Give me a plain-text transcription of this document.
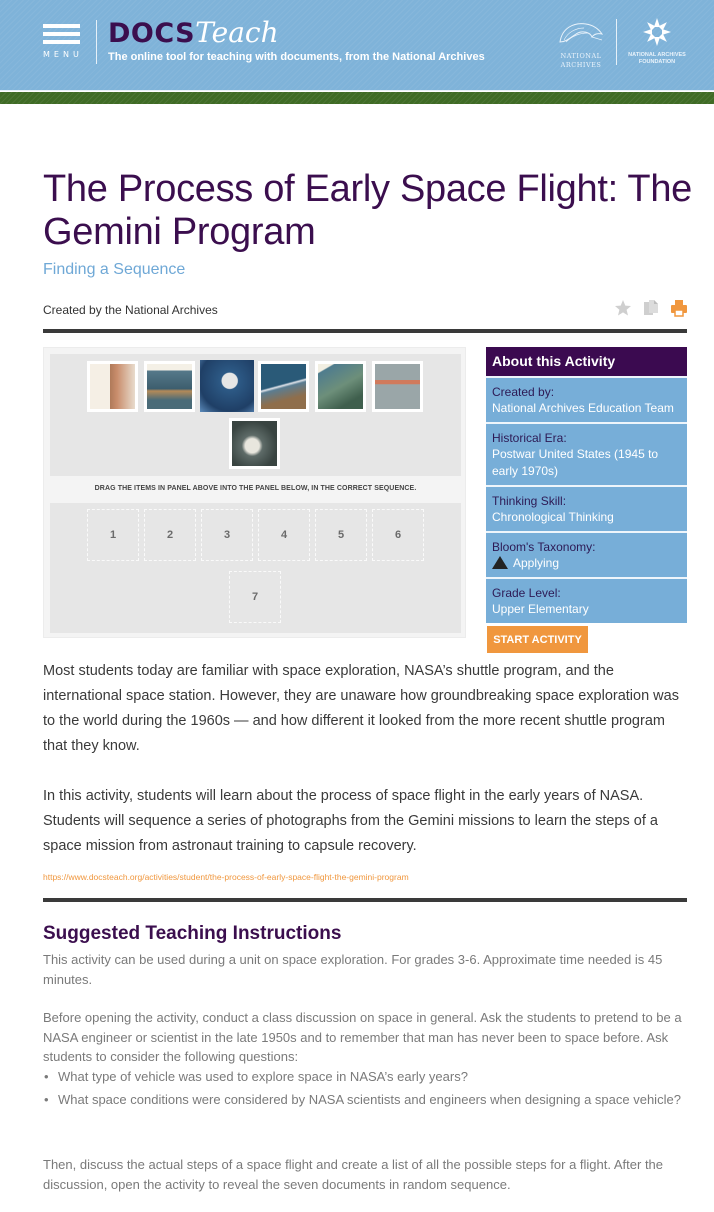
MENU
DOCSTeach
The online tool for teaching with documents, from the National Archives	NATIONAL
ARCHIVES
NATIONAL ARCHIVES
FOUNDATION
The Process of Early Space Flight: The Gemini Program
Finding a Sequence
Created by the National Archives
DRAG THE ITEMS IN PANEL ABOVE INTO THE PANEL BELOW, IN THE CORRECT SEQUENCE.
1	2	3	4	5	6
7
About this Activity
Created by:
National Archives Education Team
Historical Era:
Postwar United States (1945 to early 1970s)
Thinking Skill:
Chronological Thinking
Bloom's Taxonomy:
Applying
Grade Level:
Upper Elementary
START ACTIVITY

Most students today are familiar with space exploration, NASA’s shuttle program, and the international space station. However, they are unaware how groundbreaking space exploration was to the world during the 1960s — and how different it looked from the more recent shuttle program that they know.

In this activity, students will learn about the process of space flight in the early years of NASA. Students will sequence a series of photographs from the Gemini missions to learn the steps of a space mission from astronaut training to capsule recovery.

https://www.docsteach.org/activities/student/the-process-of-early-space-flight-the-gemini-program
Suggested Teaching Instructions

This activity can be used during a unit on space exploration. For grades 3-6. Approximate time needed is 45 minutes.

Before opening the activity, conduct a class discussion on space in general. Ask the students to pretend to be a NASA engineer or scientist in the late 1950s and to remember that man has never been to space before. Ask students to consider the following questions:

• What type of vehicle was used to explore space in NASA’s early years?
• What space conditions were considered by NASA scientists and engineers when designing a space vehicle?

Then, discuss the actual steps of a space flight and create a list of all the possible steps for a flight. After the discussion, open the activity to reveal the seven documents in random sequence.
